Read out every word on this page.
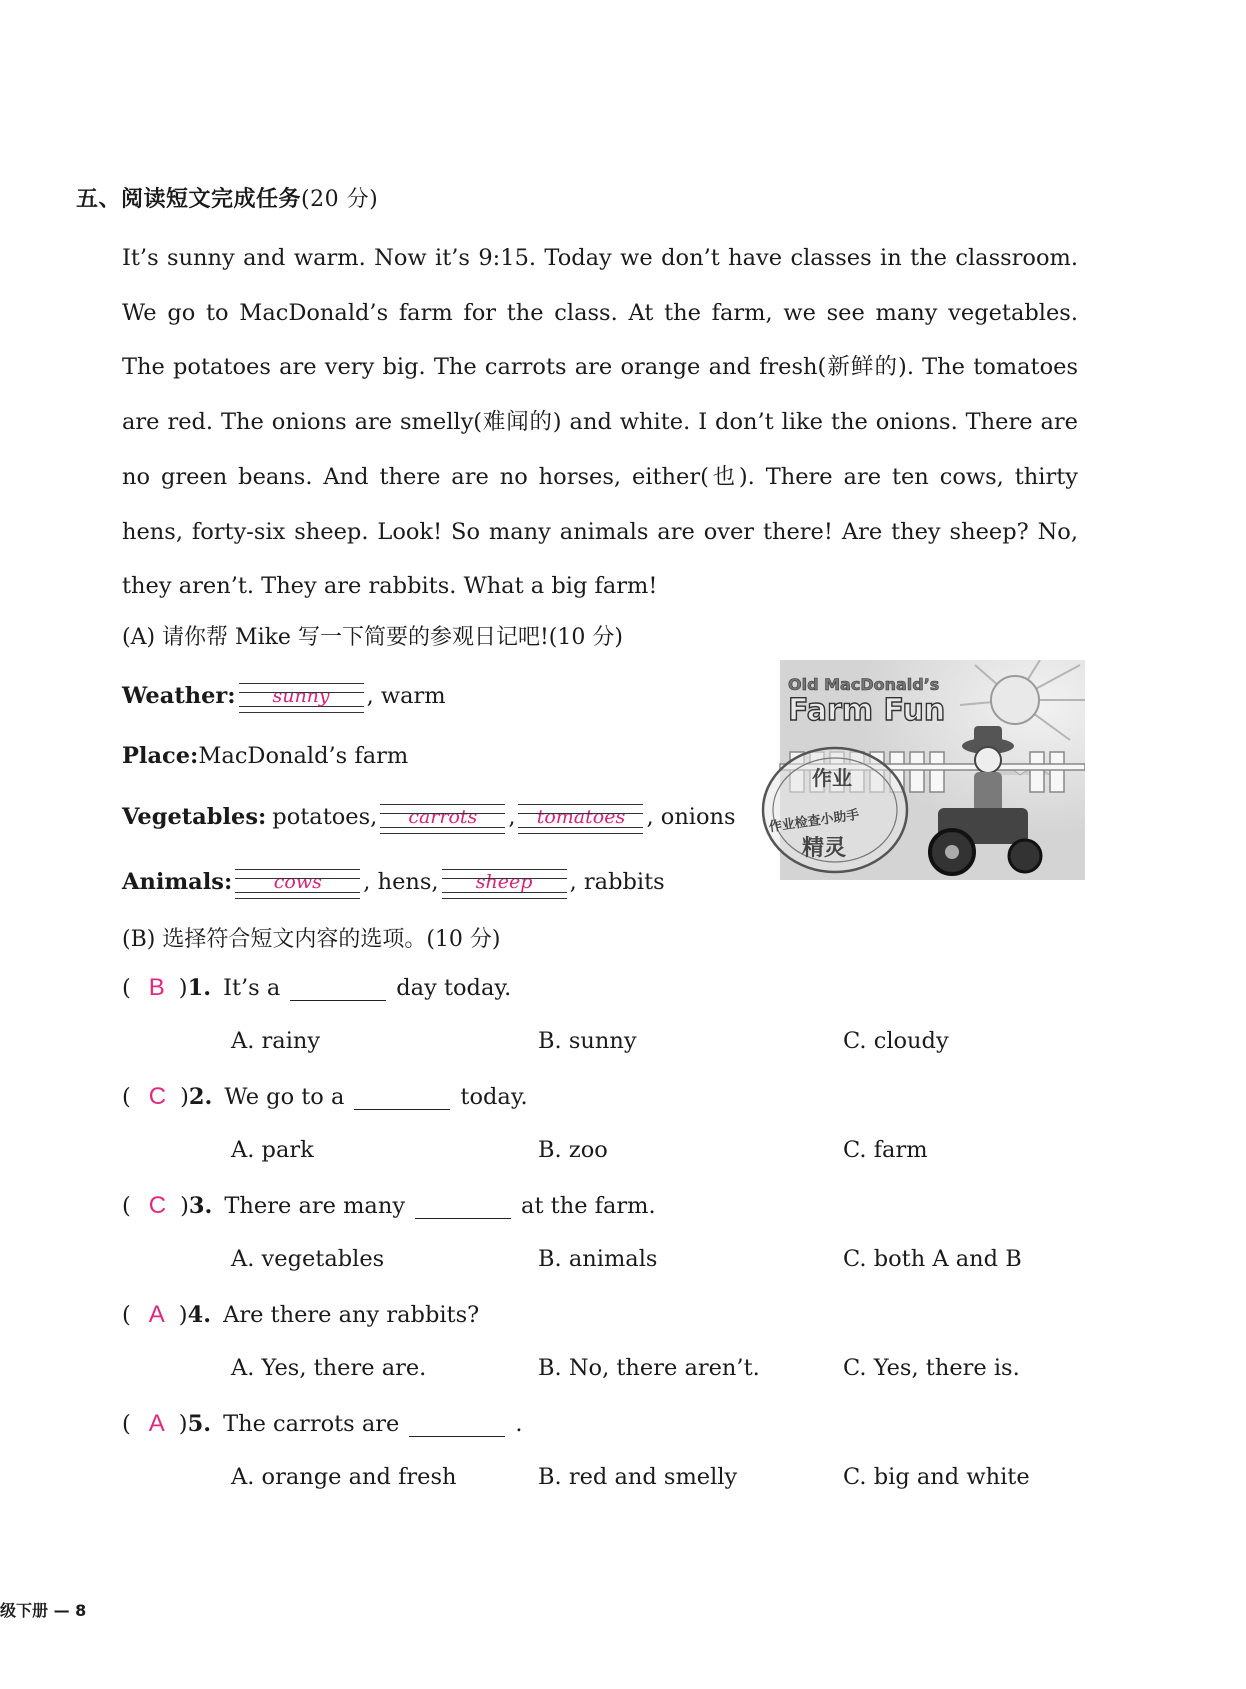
五、阅读短文完成任务(20 分)
It’s sunny and warm. Now it’s 9:15. Today we don’t have classes in the classroom. We go to MacDonald’s farm for the class. At the farm, we see many vegetables. The potatoes are very big. The carrots are orange and fresh(新鲜的). The tomatoes are red. The onions are smelly(难闻的) and white. I don’t like the onions. There are no green beans. And there are no horses, either(也). There are ten cows, thirty hens, forty-six sheep. Look! So many animals are over there! Are they sheep? No, they aren’t. They are rabbits. What a big farm!
(A) 请你帮 Mike 写一下简要的参观日记吧!(10 分)
Weather:	sunny	, warm
Place: MacDonald’s farm
Vegetables: potatoes,	carrots	,	tomatoes , onions
Animals:	cows	, hens,	sheep	, rabbits
Old MacDonald’s
Farm Fun
作业
作业检查小助手
精灵
(B) 选择符合短文内容的选项。(10 分)
( B ) 1. It’s a	day today.
A. rainy	B. sunny	C. cloudy
( C ) 2. We go to a	today.
A. park	B. zoo	C. farm
( C ) 3. There are many	at the farm.
A. vegetables	B. animals	C. both A and B
( A ) 4. Are there any rabbits?
A. Yes, there are.	B. No, there aren’t.	C. Yes, there is.
( A ) 5. The carrots are	.
A. orange and fresh	B. red and smelly	C. big and white
级下册 — 8
